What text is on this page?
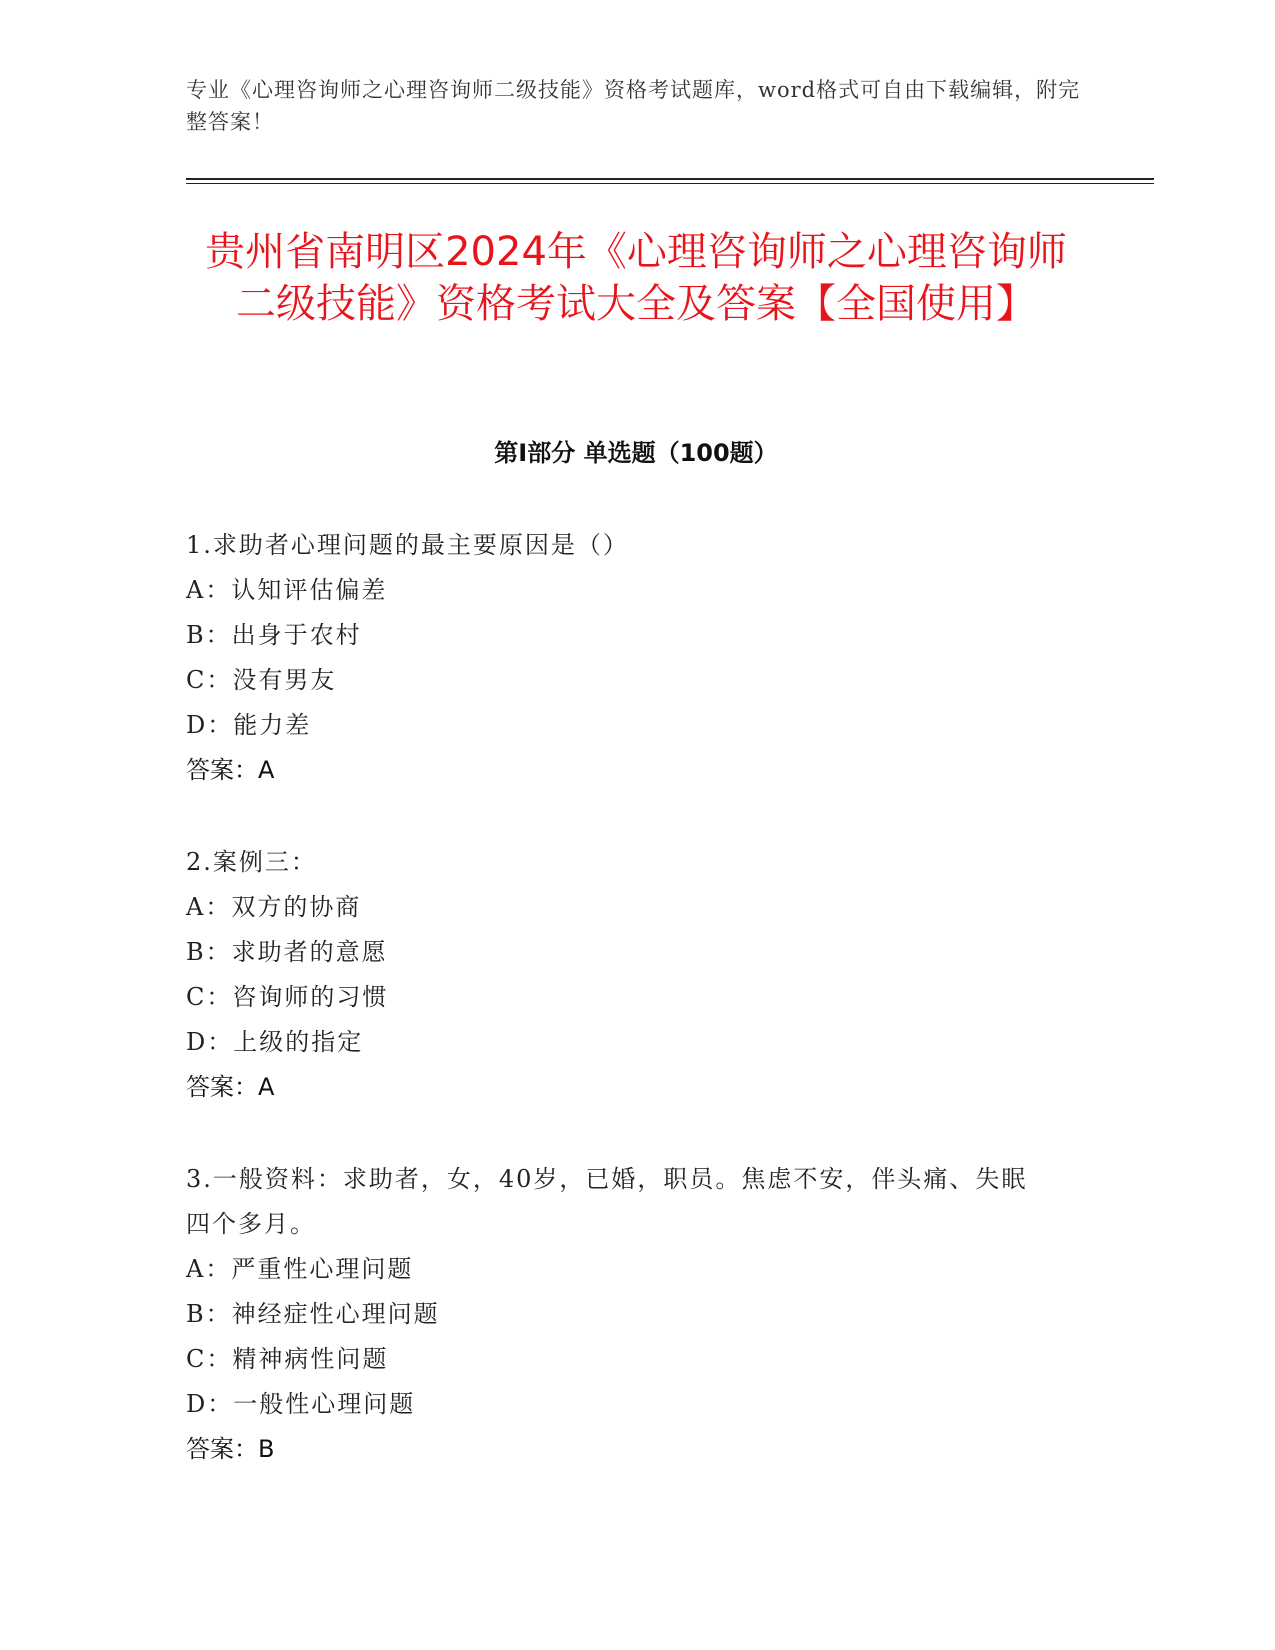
专业《心理咨询师之心理咨询师二级技能》资格考试题库，word格式可自由下载编辑，附完整答案！
贵州省南明区2024年《心理咨询师之心理咨询师二级技能》资格考试大全及答案【全国使用】
第Ⅰ部分 单选题（100题）
1.求助者心理问题的最主要原因是（）
A：认知评估偏差
B：出身于农村
C：没有男友
D：能力差
答案：A
2.案例三：
A：双方的协商
B：求助者的意愿
C：咨询师的习惯
D：上级的指定
答案：A
3.一般资料：求助者，女，40岁，已婚，职员。焦虑不安，伴头痛、失眠四个多月。
A：严重性心理问题
B：神经症性心理问题
C：精神病性问题
D：一般性心理问题
答案：B
